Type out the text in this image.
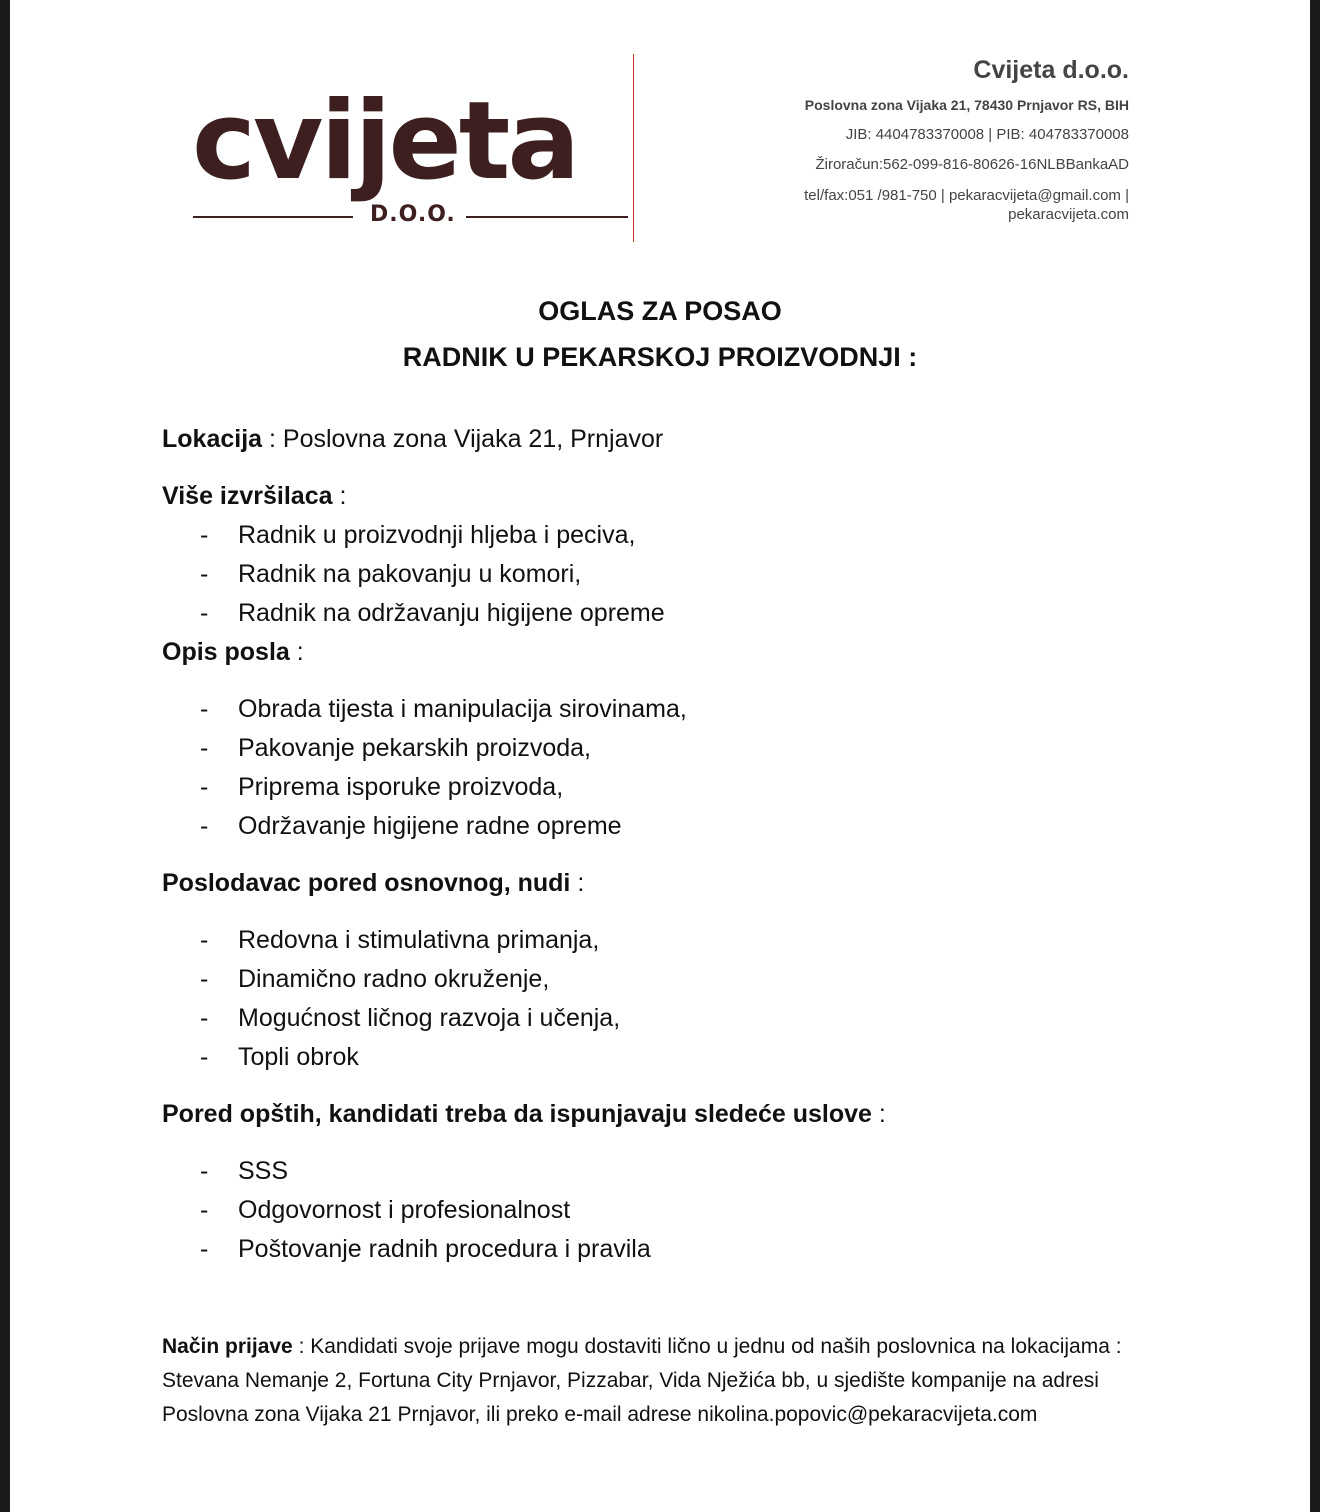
cvijeta
D.O.O.
Cvijeta d.o.o.
Poslovna zona Vijaka 21, 78430 Prnjavor RS, BIH
JIB: 4404783370008 | PIB: 404783370008
Žiroračun:562-099-816-80626-16NLBBankaAD
tel/fax:051 /981-750 | pekaracvijeta@gmail.com |
pekaracvijeta.com
OGLAS ZA POSAO
RADNIK U PEKARSKOJ PROIZVODNJI :

Lokacija : Poslovna zona Vijaka 21, Prnjavor

Više izvršilaca :

- Radnik u proizvodnji hljeba i peciva,
- Radnik na pakovanju u komori,
- Radnik na održavanju higijene opreme

Opis posla :

- Obrada tijesta i manipulacija sirovinama,
- Pakovanje pekarskih proizvoda,
- Priprema isporuke proizvoda,
- Održavanje higijene radne opreme

Poslodavac pored osnovnog, nudi :

- Redovna i stimulativna primanja,
- Dinamično radno okruženje,
- Mogućnost ličnog razvoja i učenja,
- Topli obrok

Pored opštih, kandidati treba da ispunjavaju sledeće uslove :

- SSS
- Odgovornost i profesionalnost
- Poštovanje radnih procedura i pravila
Način prijave : Kandidati svoje prijave mogu dostaviti lično u jednu od naših poslovnica na lokacijama : Stevana Nemanje 2, Fortuna City Prnjavor, Pizzabar, Vida Nježića bb, u sjedište kompanije na adresi Poslovna zona Vijaka 21 Prnjavor, ili preko e-mail adrese nikolina.popovic@pekaracvijeta.com
